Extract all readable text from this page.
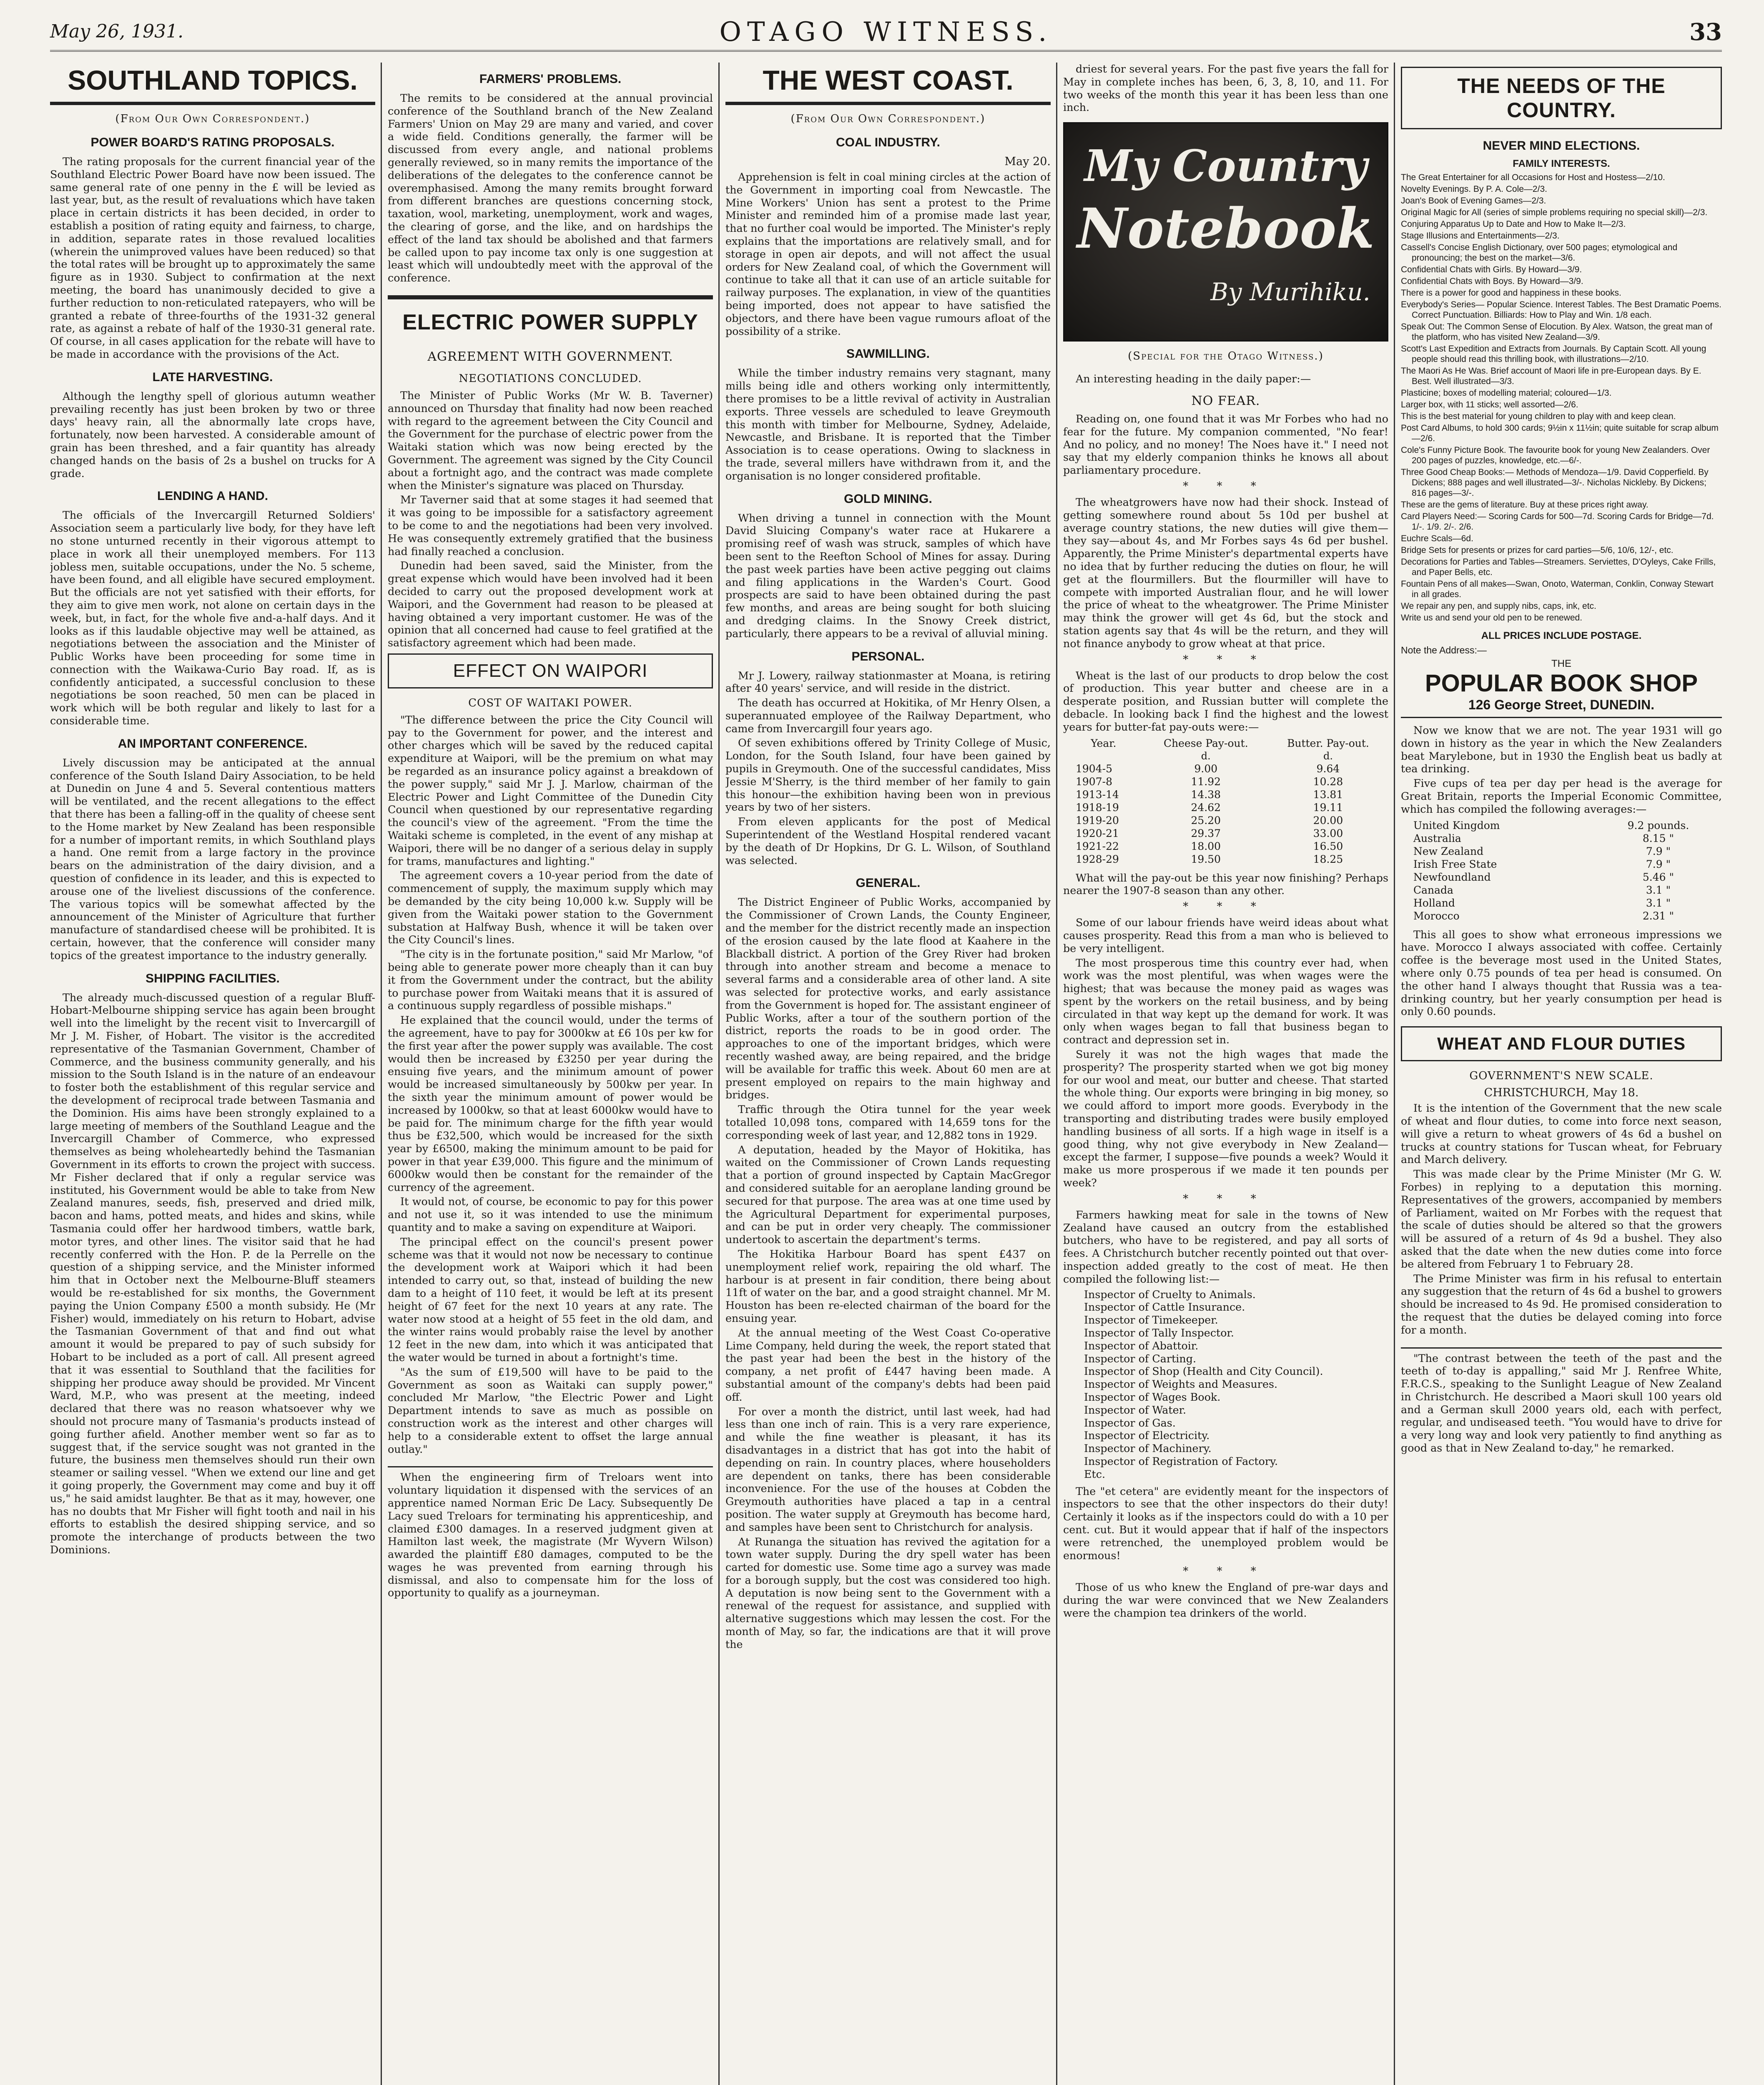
May 26, 1931.	OTAGO WITNESS.	33
SOUTHLAND TOPICS.
(From Our Own Correspondent.)
POWER BOARD'S RATING PROPOSALS.

The rating proposals for the current financial year of the Southland Electric Power Board have now been issued. The same general rate of one penny in the £ will be levied as last year, but, as the result of revaluations which have taken place in certain districts it has been decided, in order to establish a position of rating equity and fairness, to charge, in addition, separate rates in those revalued localities (wherein the unimproved values have been reduced) so that the total rates will be brought up to approximately the same figure as in 1930. Subject to confirmation at the next meeting, the board has unanimously decided to give a further reduction to non-reticulated ratepayers, who will be granted a rebate of three-fourths of the 1931-32 general rate, as against a rebate of half of the 1930-31 general rate. Of course, in all cases application for the rebate will have to be made in accordance with the provisions of the Act.

LATE HARVESTING.

Although the lengthy spell of glorious autumn weather prevailing recently has just been broken by two or three days' heavy rain, all the abnormally late crops have, fortunately, now been harvested. A considerable amount of grain has been threshed, and a fair quantity has already changed hands on the basis of 2s a bushel on trucks for A grade.

LENDING A HAND.

The officials of the Invercargill Returned Soldiers' Association seem a particularly live body, for they have left no stone unturned recently in their vigorous attempt to place in work all their unemployed members. For 113 jobless men, suitable occupations, under the No. 5 scheme, have been found, and all eligible have secured employment. But the officials are not yet satisfied with their efforts, for they aim to give men work, not alone on certain days in the week, but, in fact, for the whole five and-a-half days. And it looks as if this laudable objective may well be attained, as negotiations between the association and the Minister of Public Works have been proceeding for some time in connection with the Waikawa-Curio Bay road. If, as is confidently anticipated, a successful conclusion to these negotiations be soon reached, 50 men can be placed in work which will be both regular and likely to last for a considerable time.

AN IMPORTANT CONFERENCE.

Lively discussion may be anticipated at the annual conference of the South Island Dairy Association, to be held at Dunedin on June 4 and 5. Several contentious matters will be ventilated, and the recent allegations to the effect that there has been a falling-off in the quality of cheese sent to the Home market by New Zealand has been responsible for a number of important remits, in which Southland plays a hand. One remit from a large factory in the province bears on the administration of the dairy division, and a question of confidence in its leader, and this is expected to arouse one of the liveliest discussions of the conference. The various topics will be somewhat affected by the announcement of the Minister of Agriculture that further manufacture of standardised cheese will be prohibited. It is certain, however, that the conference will consider many topics of the greatest importance to the industry generally.

SHIPPING FACILITIES.

The already much-discussed question of a regular Bluff-Hobart-Melbourne shipping service has again been brought well into the limelight by the recent visit to Invercargill of Mr J. M. Fisher, of Hobart. The visitor is the accredited representative of the Tasmanian Government, Chamber of Commerce, and the business community generally, and his mission to the South Island is in the nature of an endeavour to foster both the establishment of this regular service and the development of reciprocal trade between Tasmania and the Dominion. His aims have been strongly explained to a large meeting of members of the Southland League and the Invercargill Chamber of Commerce, who expressed themselves as being wholeheartedly behind the Tasmanian Government in its efforts to crown the project with success. Mr Fisher declared that if only a regular service was instituted, his Government would be able to take from New Zealand manures, seeds, fish, preserved and dried milk, bacon and hams, potted meats, and hides and skins, while Tasmania could offer her hardwood timbers, wattle bark, motor tyres, and other lines. The visitor said that he had recently conferred with the Hon. P. de la Perrelle on the question of a shipping service, and the Minister informed him that in October next the Melbourne-Bluff steamers would be re-established for six months, the Government paying the Union Company £500 a month subsidy. He (Mr Fisher) would, immediately on his return to Hobart, advise the Tasmanian Government of that and find out what amount it would be prepared to pay of such subsidy for Hobart to be included as a port of call. All present agreed that it was essential to Southland that the facilities for shipping her produce away should be provided. Mr Vincent Ward, M.P., who was present at the meeting, indeed declared that there was no reason whatsoever why we should not procure many of Tasmania's products instead of going further afield. Another member went so far as to suggest that, if the service sought was not granted in the future, the business men themselves should run their own steamer or sailing vessel. "When we extend our line and get it going properly, the Government may come and buy it off us," he said amidst laughter. Be that as it may, however, one has no doubts that Mr Fisher will fight tooth and nail in his efforts to establish the desired shipping service, and so promote the interchange of products between the two Dominions.

FARMERS' PROBLEMS.

The remits to be considered at the annual provincial conference of the Southland branch of the New Zealand Farmers' Union on May 29 are many and varied, and cover a wide field. Conditions generally, the farmer will be discussed from every angle, and national problems generally reviewed, so in many remits the importance of the deliberations of the delegates to the conference cannot be overemphasised. Among the many remits brought forward from different branches are questions concerning stock, taxation, wool, marketing, unemployment, work and wages, the clearing of gorse, and the like, and on hardships the effect of the land tax should be abolished and that farmers be called upon to pay income tax only is one suggestion at least which will undoubtedly meet with the approval of the conference.

ELECTRIC POWER SUPPLY
AGREEMENT WITH GOVERNMENT.
NEGOTIATIONS CONCLUDED.

The Minister of Public Works (Mr W. B. Taverner) announced on Thursday that finality had now been reached with regard to the agreement between the City Council and the Government for the purchase of electric power from the Waitaki station which was now being erected by the Government. The agreement was signed by the City Council about a fortnight ago, and the contract was made complete when the Minister's signature was placed on Thursday.

Mr Taverner said that at some stages it had seemed that it was going to be impossible for a satisfactory agreement to be come to and the negotiations had been very involved. He was consequently extremely gratified that the business had finally reached a conclusion.

Dunedin had been saved, said the Minister, from the great expense which would have been involved had it been decided to carry out the proposed development work at Waipori, and the Government had reason to be pleased at having obtained a very important customer. He was of the opinion that all concerned had cause to feel gratified at the satisfactory agreement which had been made.

EFFECT ON WAIPORI
COST OF WAITAKI POWER.

"The difference between the price the City Council will pay to the Government for power, and the interest and other charges which will be saved by the reduced capital expenditure at Waipori, will be the premium on what may be regarded as an insurance policy against a breakdown of the power supply," said Mr J. J. Marlow, chairman of the Electric Power and Light Committee of the Dunedin City Council when questioned by our representative regarding the council's view of the agreement. "From the time the Waitaki scheme is completed, in the event of any mishap at Waipori, there will be no danger of a serious delay in supply for trams, manufactures and lighting."

The agreement covers a 10-year period from the date of commencement of supply, the maximum supply which may be demanded by the city being 10,000 k.w. Supply will be given from the Waitaki power station to the Government substation at Halfway Bush, whence it will be taken over the City Council's lines.

"The city is in the fortunate position," said Mr Marlow, "of being able to generate power more cheaply than it can buy it from the Government under the contract, but the ability to purchase power from Waitaki means that it is assured of a continuous supply regardless of possible mishaps."

He explained that the council would, under the terms of the agreement, have to pay for 3000kw at £6 10s per kw for the first year after the power supply was available. The cost would then be increased by £3250 per year during the ensuing five years, and the minimum amount of power would be increased simultaneously by 500kw per year. In the sixth year the minimum amount of power would be increased by 1000kw, so that at least 6000kw would have to be paid for. The minimum charge for the fifth year would thus be £32,500, which would be increased for the sixth year by £6500, making the minimum amount to be paid for power in that year £39,000. This figure and the minimum of 6000kw would then be constant for the remainder of the currency of the agreement.

It would not, of course, be economic to pay for this power and not use it, so it was intended to use the minimum quantity and to make a saving on expenditure at Waipori.

The principal effect on the council's present power scheme was that it would not now be necessary to continue the development work at Waipori which it had been intended to carry out, so that, instead of building the new dam to a height of 110 feet, it would be left at its present height of 67 feet for the next 10 years at any rate. The water now stood at a height of 55 feet in the old dam, and the winter rains would probably raise the level by another 12 feet in the new dam, into which it was anticipated that the water would be turned in about a fortnight's time.

"As the sum of £19,500 will have to be paid to the Government as soon as Waitaki can supply power," concluded Mr Marlow, "the Electric Power and Light Department intends to save as much as possible on construction work as the interest and other charges will help to a considerable extent to offset the large annual outlay."

When the engineering firm of Treloars went into voluntary liquidation it dispensed with the services of an apprentice named Norman Eric De Lacy. Subsequently De Lacy sued Treloars for terminating his apprenticeship, and claimed £300 damages. In a reserved judgment given at Hamilton last week, the magistrate (Mr Wyvern Wilson) awarded the plaintiff £80 damages, computed to be the wages he was prevented from earning through his dismissal, and also to compensate him for the loss of opportunity to qualify as a journeyman.

THE WEST COAST.
(From Our Own Correspondent.)
COAL INDUSTRY.
May 20.

Apprehension is felt in coal mining circles at the action of the Government in importing coal from Newcastle. The Mine Workers' Union has sent a protest to the Prime Minister and reminded him of a promise made last year, that no further coal would be imported. The Minister's reply explains that the importations are relatively small, and for storage in open air depots, and will not affect the usual orders for New Zealand coal, of which the Government will continue to take all that it can use of an article suitable for railway purposes. The explanation, in view of the quantities being imported, does not appear to have satisfied the objectors, and there have been vague rumours afloat of the possibility of a strike.

SAWMILLING.

While the timber industry remains very stagnant, many mills being idle and others working only intermittently, there promises to be a little revival of activity in Australian exports. Three vessels are scheduled to leave Greymouth this month with timber for Melbourne, Sydney, Adelaide, Newcastle, and Brisbane. It is reported that the Timber Association is to cease operations. Owing to slackness in the trade, several millers have withdrawn from it, and the organisation is no longer considered profitable.

GOLD MINING.

When driving a tunnel in connection with the Mount David Sluicing Company's water race at Hukarere a promising reef of wash was struck, samples of which have been sent to the Reefton School of Mines for assay. During the past week parties have been active pegging out claims and filing applications in the Warden's Court. Good prospects are said to have been obtained during the past few months, and areas are being sought for both sluicing and dredging claims. In the Snowy Creek district, particularly, there appears to be a revival of alluvial mining.

PERSONAL.

Mr J. Lowery, railway stationmaster at Moana, is retiring after 40 years' service, and will reside in the district.

The death has occurred at Hokitika, of Mr Henry Olsen, a superannuated employee of the Railway Department, who came from Invercargill four years ago.

Of seven exhibitions offered by Trinity College of Music, London, for the South Island, four have been gained by pupils in Greymouth. One of the successful candidates, Miss Jessie M'Sherry, is the third member of her family to gain this honour—the exhibition having been won in previous years by two of her sisters.

From eleven applicants for the post of Medical Superintendent of the Westland Hospital rendered vacant by the death of Dr Hopkins, Dr G. L. Wilson, of Southland was selected.

GENERAL.

The District Engineer of Public Works, accompanied by the Commissioner of Crown Lands, the County Engineer, and the member for the district recently made an inspection of the erosion caused by the late flood at Kaahere in the Blackball district. A portion of the Grey River had broken through into another stream and become a menace to several farms and a considerable area of other land. A site was selected for protective works, and early assistance from the Government is hoped for. The assistant engineer of Public Works, after a tour of the southern portion of the district, reports the roads to be in good order. The approaches to one of the important bridges, which were recently washed away, are being repaired, and the bridge will be available for traffic this week. About 60 men are at present employed on repairs to the main highway and bridges.

Traffic through the Otira tunnel for the year week totalled 10,098 tons, compared with 14,659 tons for the corresponding week of last year, and 12,882 tons in 1929.

A deputation, headed by the Mayor of Hokitika, has waited on the Commissioner of Crown Lands requesting that a portion of ground inspected by Captain MacGregor and considered suitable for an aeroplane landing ground be secured for that purpose. The area was at one time used by the Agricultural Department for experimental purposes, and can be put in order very cheaply. The commissioner undertook to ascertain the department's terms.

The Hokitika Harbour Board has spent £437 on unemployment relief work, repairing the old wharf. The harbour is at present in fair condition, there being about 11ft of water on the bar, and a good straight channel. Mr M. Houston has been re-elected chairman of the board for the ensuing year.

At the annual meeting of the West Coast Co-operative Lime Company, held during the week, the report stated that the past year had been the best in the history of the company, a net profit of £447 having been made. A substantial amount of the company's debts had been paid off.

For over a month the district, until last week, had had less than one inch of rain. This is a very rare experience, and while the fine weather is pleasant, it has its disadvantages in a district that has got into the habit of depending on rain. In country places, where householders are dependent on tanks, there has been considerable inconvenience. For the use of the houses at Cobden the Greymouth authorities have placed a tap in a central position. The water supply at Greymouth has become hard, and samples have been sent to Christchurch for analysis.

At Runanga the situation has revived the agitation for a town water supply. During the dry spell water has been carted for domestic use. Some time ago a survey was made for a borough supply, but the cost was considered too high. A deputation is now being sent to the Government with a renewal of the request for assistance, and supplied with alternative suggestions which may lessen the cost. For the month of May, so far, the indications are that it will prove the

driest for several years. For the past five years the fall for May in complete inches has been, 6, 3, 8, 10, and 11. For two weeks of the month this year it has been less than one inch.

My Country
Notebook
By Murihiku.
(Special for the Otago Witness.)

An interesting heading in the daily paper:—

NO FEAR.

Reading on, one found that it was Mr Forbes who had no fear for the future. My companion commented, "No fear! And no policy, and no money! The Noes have it." I need not say that my elderly companion thinks he knows all about parliamentary procedure.

* * *

The wheatgrowers have now had their shock. Instead of getting somewhere round about 5s 10d per bushel at average country stations, the new duties will give them—they say—about 4s, and Mr Forbes says 4s 6d per bushel. Apparently, the Prime Minister's departmental experts have no idea that by further reducing the duties on flour, he will get at the flourmillers. But the flourmiller will have to compete with imported Australian flour, and he will lower the price of wheat to the wheatgrower. The Prime Minister may think the grower will get 4s 6d, but the stock and station agents say that 4s will be the return, and they will not finance anybody to grow wheat at that price.

* * *

Wheat is the last of our products to drop below the cost of production. This year butter and cheese are in a desperate position, and Russian butter will complete the debacle. In looking back I find the highest and the lowest years for butter-fat pay-outs were:—

Year.	Cheese Pay-out.	Butter. Pay-out.
	d.	d.
1904-5	9.00	9.64
1907-8	11.92	10.28
1913-14	14.38	13.81
1918-19	24.62	19.11
1919-20	25.20	20.00
1920-21	29.37	33.00
1921-22	18.00	16.50
1928-29	19.50	18.25

What will the pay-out be this year now finishing? Perhaps nearer the 1907-8 season than any other.

* * *

Some of our labour friends have weird ideas about what causes prosperity. Read this from a man who is believed to be very intelligent.

The most prosperous time this country ever had, when work was the most plentiful, was when wages were the highest; that was because the money paid as wages was spent by the workers on the retail business, and by being circulated in that way kept up the demand for work. It was only when wages began to fall that business began to contract and depression set in.

Surely it was not the high wages that made the prosperity? The prosperity started when we got big money for our wool and meat, our butter and cheese. That started the whole thing. Our exports were bringing in big money, so we could afford to import more goods. Everybody in the transporting and distributing trades were busily employed handling business of all sorts. If a high wage in itself is a good thing, why not give everybody in New Zealand—except the farmer, I suppose—five pounds a week? Would it make us more prosperous if we made it ten pounds per week?

* * *

Farmers hawking meat for sale in the towns of New Zealand have caused an outcry from the established butchers, who have to be registered, and pay all sorts of fees. A Christchurch butcher recently pointed out that over-inspection added greatly to the cost of meat. He then compiled the following list:—

Inspector of Cruelty to Animals.
Inspector of Cattle Insurance.
Inspector of Timekeeper.
Inspector of Tally Inspector.
Inspector of Abattoir.
Inspector of Carting.
Inspector of Shop (Health and City Council).
Inspector of Weights and Measures.
Inspector of Wages Book.
Inspector of Water.
Inspector of Gas.
Inspector of Electricity.
Inspector of Machinery.
Inspector of Registration of Factory.
Etc.

The "et cetera" are evidently meant for the inspectors of inspectors to see that the other inspectors do their duty! Certainly it looks as if the inspectors could do with a 10 per cent. cut. But it would appear that if half of the inspectors were retrenched, the unemployed problem would be enormous!

* * *

Those of us who knew the England of pre-war days and during the war were convinced that we New Zealanders were the champion tea drinkers of the world.

THE NEEDS OF THE COUNTRY.
NEVER MIND ELECTIONS.
FAMILY INTERESTS.
The Great Entertainer for all Occasions for Host and Hostess—2/10.
Novelty Evenings. By P. A. Cole—2/3.
Joan's Book of Evening Games—2/3.
Original Magic for All (series of simple problems requiring no special skill)—2/3.
Conjuring Apparatus Up to Date and How to Make It—2/3.
Stage Illusions and Entertainments—2/3.
Cassell's Concise English Dictionary, over 500 pages; etymological and pronouncing; the best on the market—3/6.
Confidential Chats with Girls. By Howard—3/9.
Confidential Chats with Boys. By Howard—3/9.
There is a power for good and happiness in these books.
Everybody's Series— Popular Science. Interest Tables. The Best Dramatic Poems. Correct Punctuation. Billiards: How to Play and Win. 1/8 each.
Speak Out: The Common Sense of Elocution. By Alex. Watson, the great man of the platform, who has visited New Zealand—3/9.
Scott's Last Expedition and Extracts from Journals. By Captain Scott. All young people should read this thrilling book, with illustrations—2/10.
The Maori As He Was. Brief account of Maori life in pre-European days. By E. Best. Well illustrated—3/3.
Plasticine; boxes of modelling material; coloured—1/3.
Larger box, with 11 sticks; well assorted—2/6.
This is the best material for young children to play with and keep clean.
Post Card Albums, to hold 300 cards; 9½in x 11½in; quite suitable for scrap album—2/6.
Cole's Funny Picture Book. The favourite book for young New Zealanders. Over 200 pages of puzzles, knowledge, etc.—6/-.
Three Good Cheap Books:— Methods of Mendoza—1/9. David Copperfield. By Dickens; 888 pages and well illustrated—3/-. Nicholas Nickleby. By Dickens; 816 pages—3/-.
These are the gems of literature. Buy at these prices right away.
Card Players Need:— Scoring Cards for 500—7d. Scoring Cards for Bridge—7d. 1/-. 1/9. 2/-. 2/6.
Euchre Scals—6d.
Bridge Sets for presents or prizes for card parties—5/6, 10/6, 12/-, etc.
Decorations for Parties and Tables—Streamers. Serviettes, D'Oyleys, Cake Frills, and Paper Bells, etc.
Fountain Pens of all makes—Swan, Onoto, Waterman, Conklin, Conway Stewart in all grades.
We repair any pen, and supply nibs, caps, ink, etc.
Write us and send your old pen to be renewed.
ALL PRICES INCLUDE POSTAGE.
Note the Address:—
THE
POPULAR BOOK SHOP
126 George Street, DUNEDIN.

Now we know that we are not. The year 1931 will go down in history as the year in which the New Zealanders beat Marylebone, but in 1930 the English beat us badly at tea drinking.

Five cups of tea per day per head is the average for Great Britain, reports the Imperial Economic Committee, which has compiled the following averages:—

United Kingdom	9.2 pounds.
Australia	8.15 "
New Zealand	7.9 "
Irish Free State	7.9 "
Newfoundland	5.46 "
Canada	3.1 "
Holland	3.1 "
Morocco	2.31 "

This all goes to show what erroneous impressions we have. Morocco I always associated with coffee. Certainly coffee is the beverage most used in the United States, where only 0.75 pounds of tea per head is consumed. On the other hand I always thought that Russia was a tea-drinking country, but her yearly consumption per head is only 0.60 pounds.

WHEAT AND FLOUR DUTIES
GOVERNMENT'S NEW SCALE.
CHRISTCHURCH, May 18.

It is the intention of the Government that the new scale of wheat and flour duties, to come into force next season, will give a return to wheat growers of 4s 6d a bushel on trucks at country stations for Tuscan wheat, for February and March delivery.

This was made clear by the Prime Minister (Mr G. W. Forbes) in replying to a deputation this morning. Representatives of the growers, accompanied by members of Parliament, waited on Mr Forbes with the request that the scale of duties should be altered so that the growers will be assured of a return of 4s 9d a bushel. They also asked that the date when the new duties come into force be altered from February 1 to February 28.

The Prime Minister was firm in his refusal to entertain any suggestion that the return of 4s 6d a bushel to growers should be increased to 4s 9d. He promised consideration to the request that the duties be delayed coming into force for a month.

"The contrast between the teeth of the past and the teeth of to-day is appalling," said Mr J. Renfree White, F.R.C.S., speaking to the Sunlight League of New Zealand in Christchurch. He described a Maori skull 100 years old and a German skull 2000 years old, each with perfect, regular, and undiseased teeth. "You would have to drive for a very long way and look very patiently to find anything as good as that in New Zealand to-day," he remarked.
